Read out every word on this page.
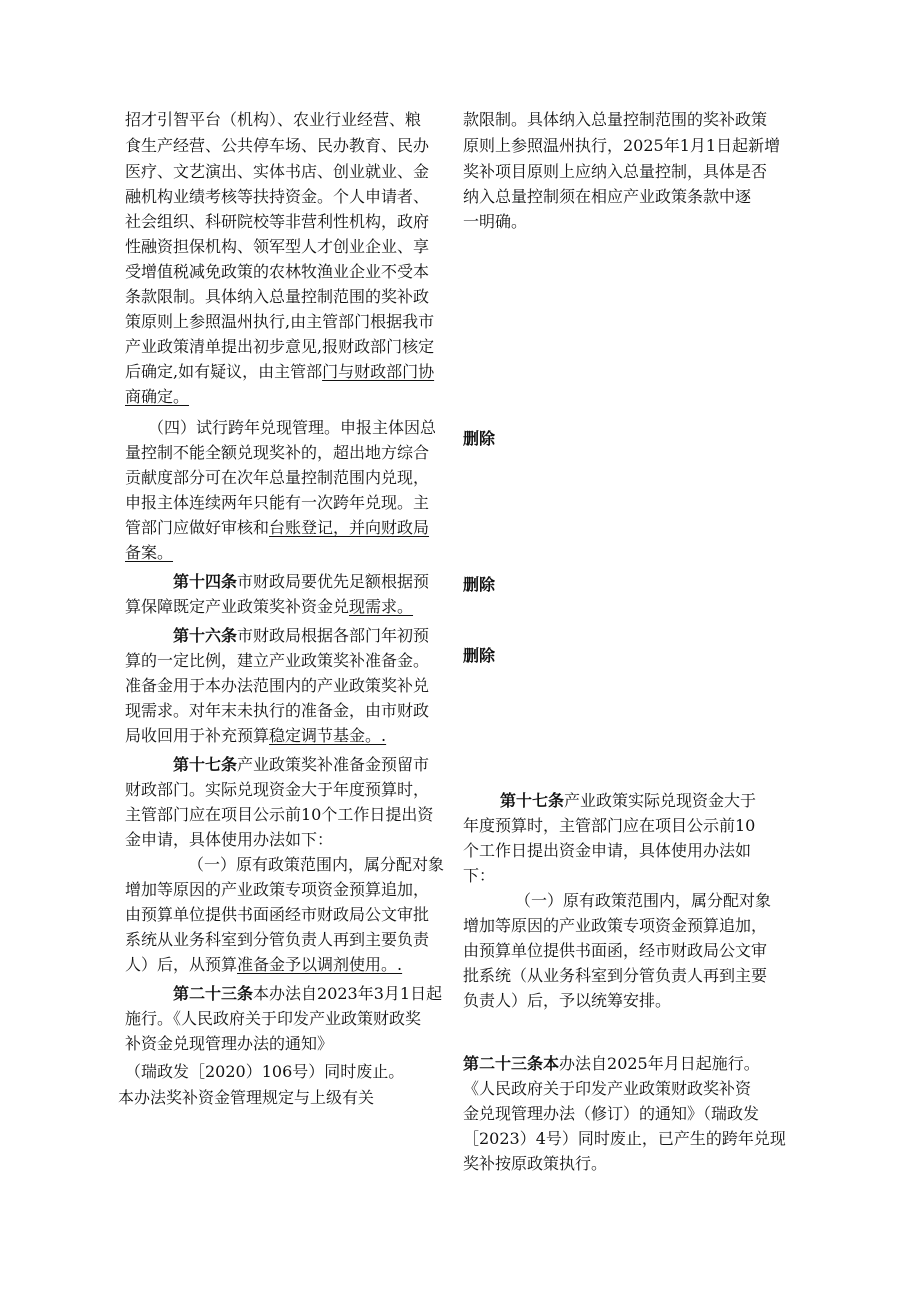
招才引智平台（机构）、农业行业经营、粮
食生产经营、公共停车场、民办教育、民办
医疗、文艺演出、实体书店、创业就业、金
融机构业绩考核等扶持资金。个人申请者、
社会组织、科研院校等非营利性机构，政府
性融资担保机构、领军型人才创业企业、享
受增值税减免政策的农林牧渔业企业不受本
条款限制。具体纳入总量控制范围的奖补政
策原则上参照温州执行,由主管部门根据我市
产业政策清单提出初步意见,报财政部门核定
后确定,如有疑议，由主管部门与财政部门协
商确定。
（四）试行跨年兑现管理。申报主体因总
量控制不能全额兑现奖补的，超出地方综合
贡献度部分可在次年总量控制范围内兑现，
申报主体连续两年只能有一次跨年兑现。主
管部门应做好审核和台账登记，并向财政局
备案。
第十四条市财政局要优先足额根据预
算保障既定产业政策奖补资金兑现需求。
第十六条市财政局根据各部门年初预
算的一定比例，建立产业政策奖补准备金。
准备金用于本办法范围内的产业政策奖补兑
现需求。对年末未执行的准备金，由市财政
局收回用于补充预算稳定调节基金。.
第十七条产业政策奖补准备金预留市
财政部门。实际兑现资金大于年度预算时，
主管部门应在项目公示前10个工作日提出资
金申请，具体使用办法如下：
（一）原有政策范围内，属分配对象
增加等原因的产业政策专项资金预算追加，
由预算单位提供书面函经市财政局公文审批
系统从业务科室到分管负责人再到主要负责
人）后，从预算准备金予以调剂使用。.
第二十三条本办法自2023年3月1日起
施行。《人民政府关于印发产业政策财政奖
补资金兑现管理办法的通知》
（瑞政发［2020）106号）同时废止。
本办法奖补资金管理规定与上级有关
款限制。具体纳入总量控制范围的奖补政策
原则上参照温州执行，2025年1月1日起新增
奖补项目原则上应纳入总量控制，具体是否
纳入总量控制须在相应产业政策条款中逐
一明确。
删除
删除
删除
第十七条产业政策实际兑现资金大于
年度预算时，主管部门应在项目公示前10
个工作日提出资金申请，具体使用办法如
下：
（一）原有政策范围内，属分配对象
增加等原因的产业政策专项资金预算追加，
由预算单位提供书面函，经市财政局公文审
批系统（从业务科室到分管负责人再到主要
负责人）后，予以统筹安排。
第二十三条本办法自2025年月日起施行。
《人民政府关于印发产业政策财政奖补资
金兑现管理办法（修订）的通知》（瑞政发
［2023）4号）同时废止，已产生的跨年兑现
奖补按原政策执行。
